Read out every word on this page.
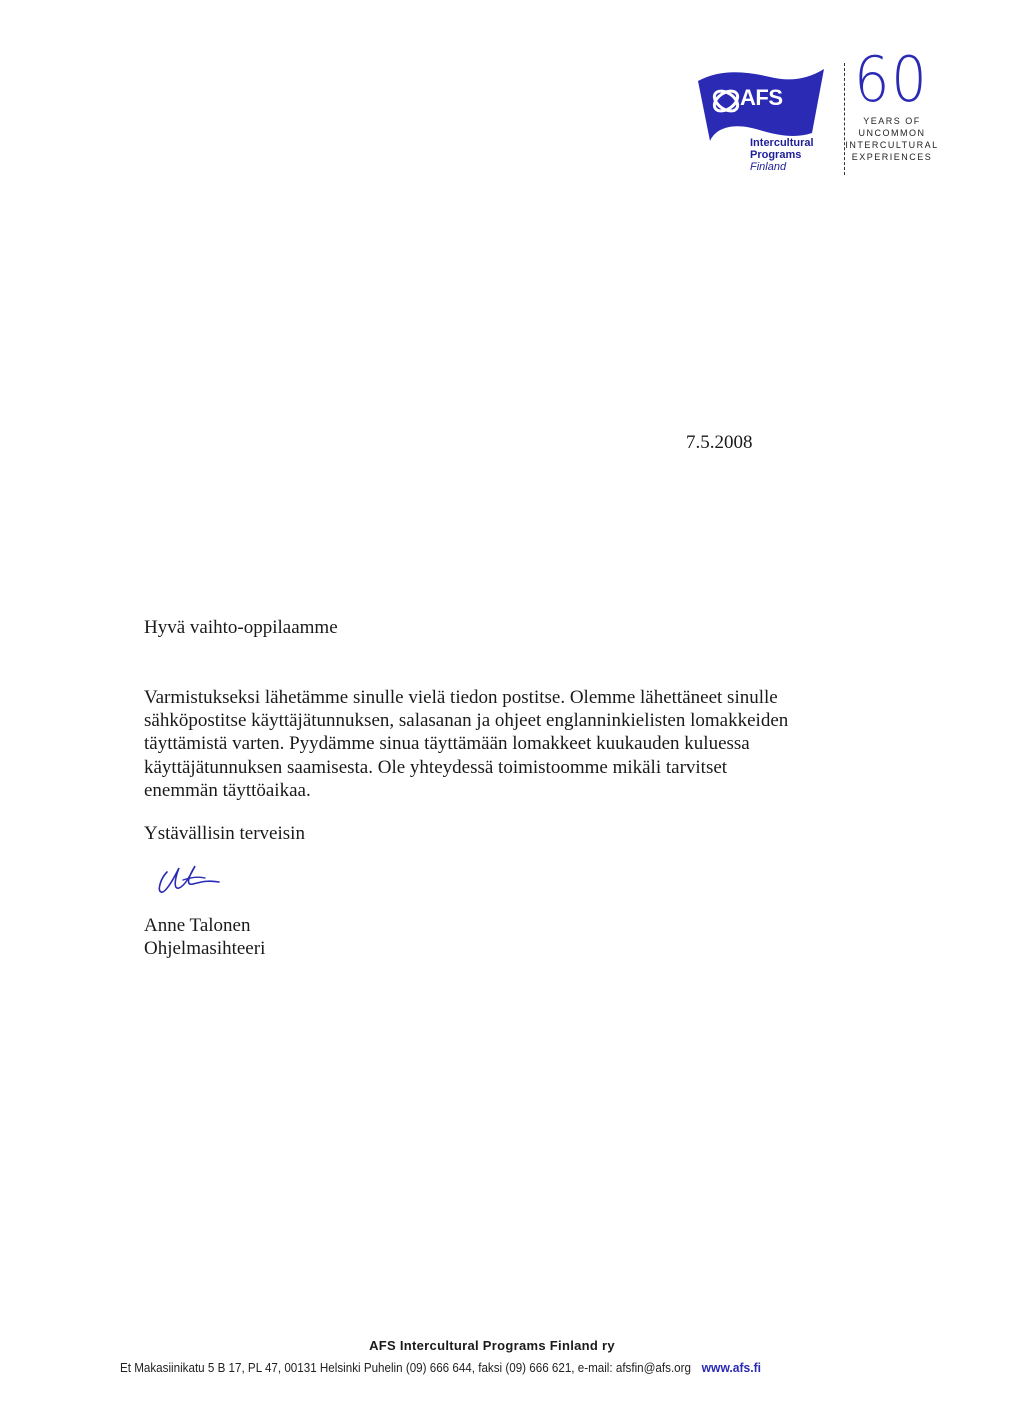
AFS
Intercultural
Programs
Finland
60
YEARS OF
UNCOMMON
INTERCULTURAL
EXPERIENCES
7.5.2008
Hyvä vaihto-oppilaamme
Varmistukseksi lähetämme sinulle vielä tiedon postitse. Olemme lähettäneet sinulle
sähköpostitse käyttäjätunnuksen, salasanan ja ohjeet englanninkielisten lomakkeiden
täyttämistä varten. Pyydämme sinua täyttämään lomakkeet kuukauden kuluessa
käyttäjätunnuksen saamisesta. Ole yhteydessä toimistoomme mikäli tarvitset
enemmän täyttöaikaa.
Ystävällisin terveisin
Anne Talonen
Ohjelmasihteeri
AFS Intercultural Programs Finland ry
Et Makasiinikatu 5 B 17, PL 47, 00131 Helsinki Puhelin (09) 666 644, faksi (09) 666 621, e-mail: afsfin@afs.org www.afs.fi
